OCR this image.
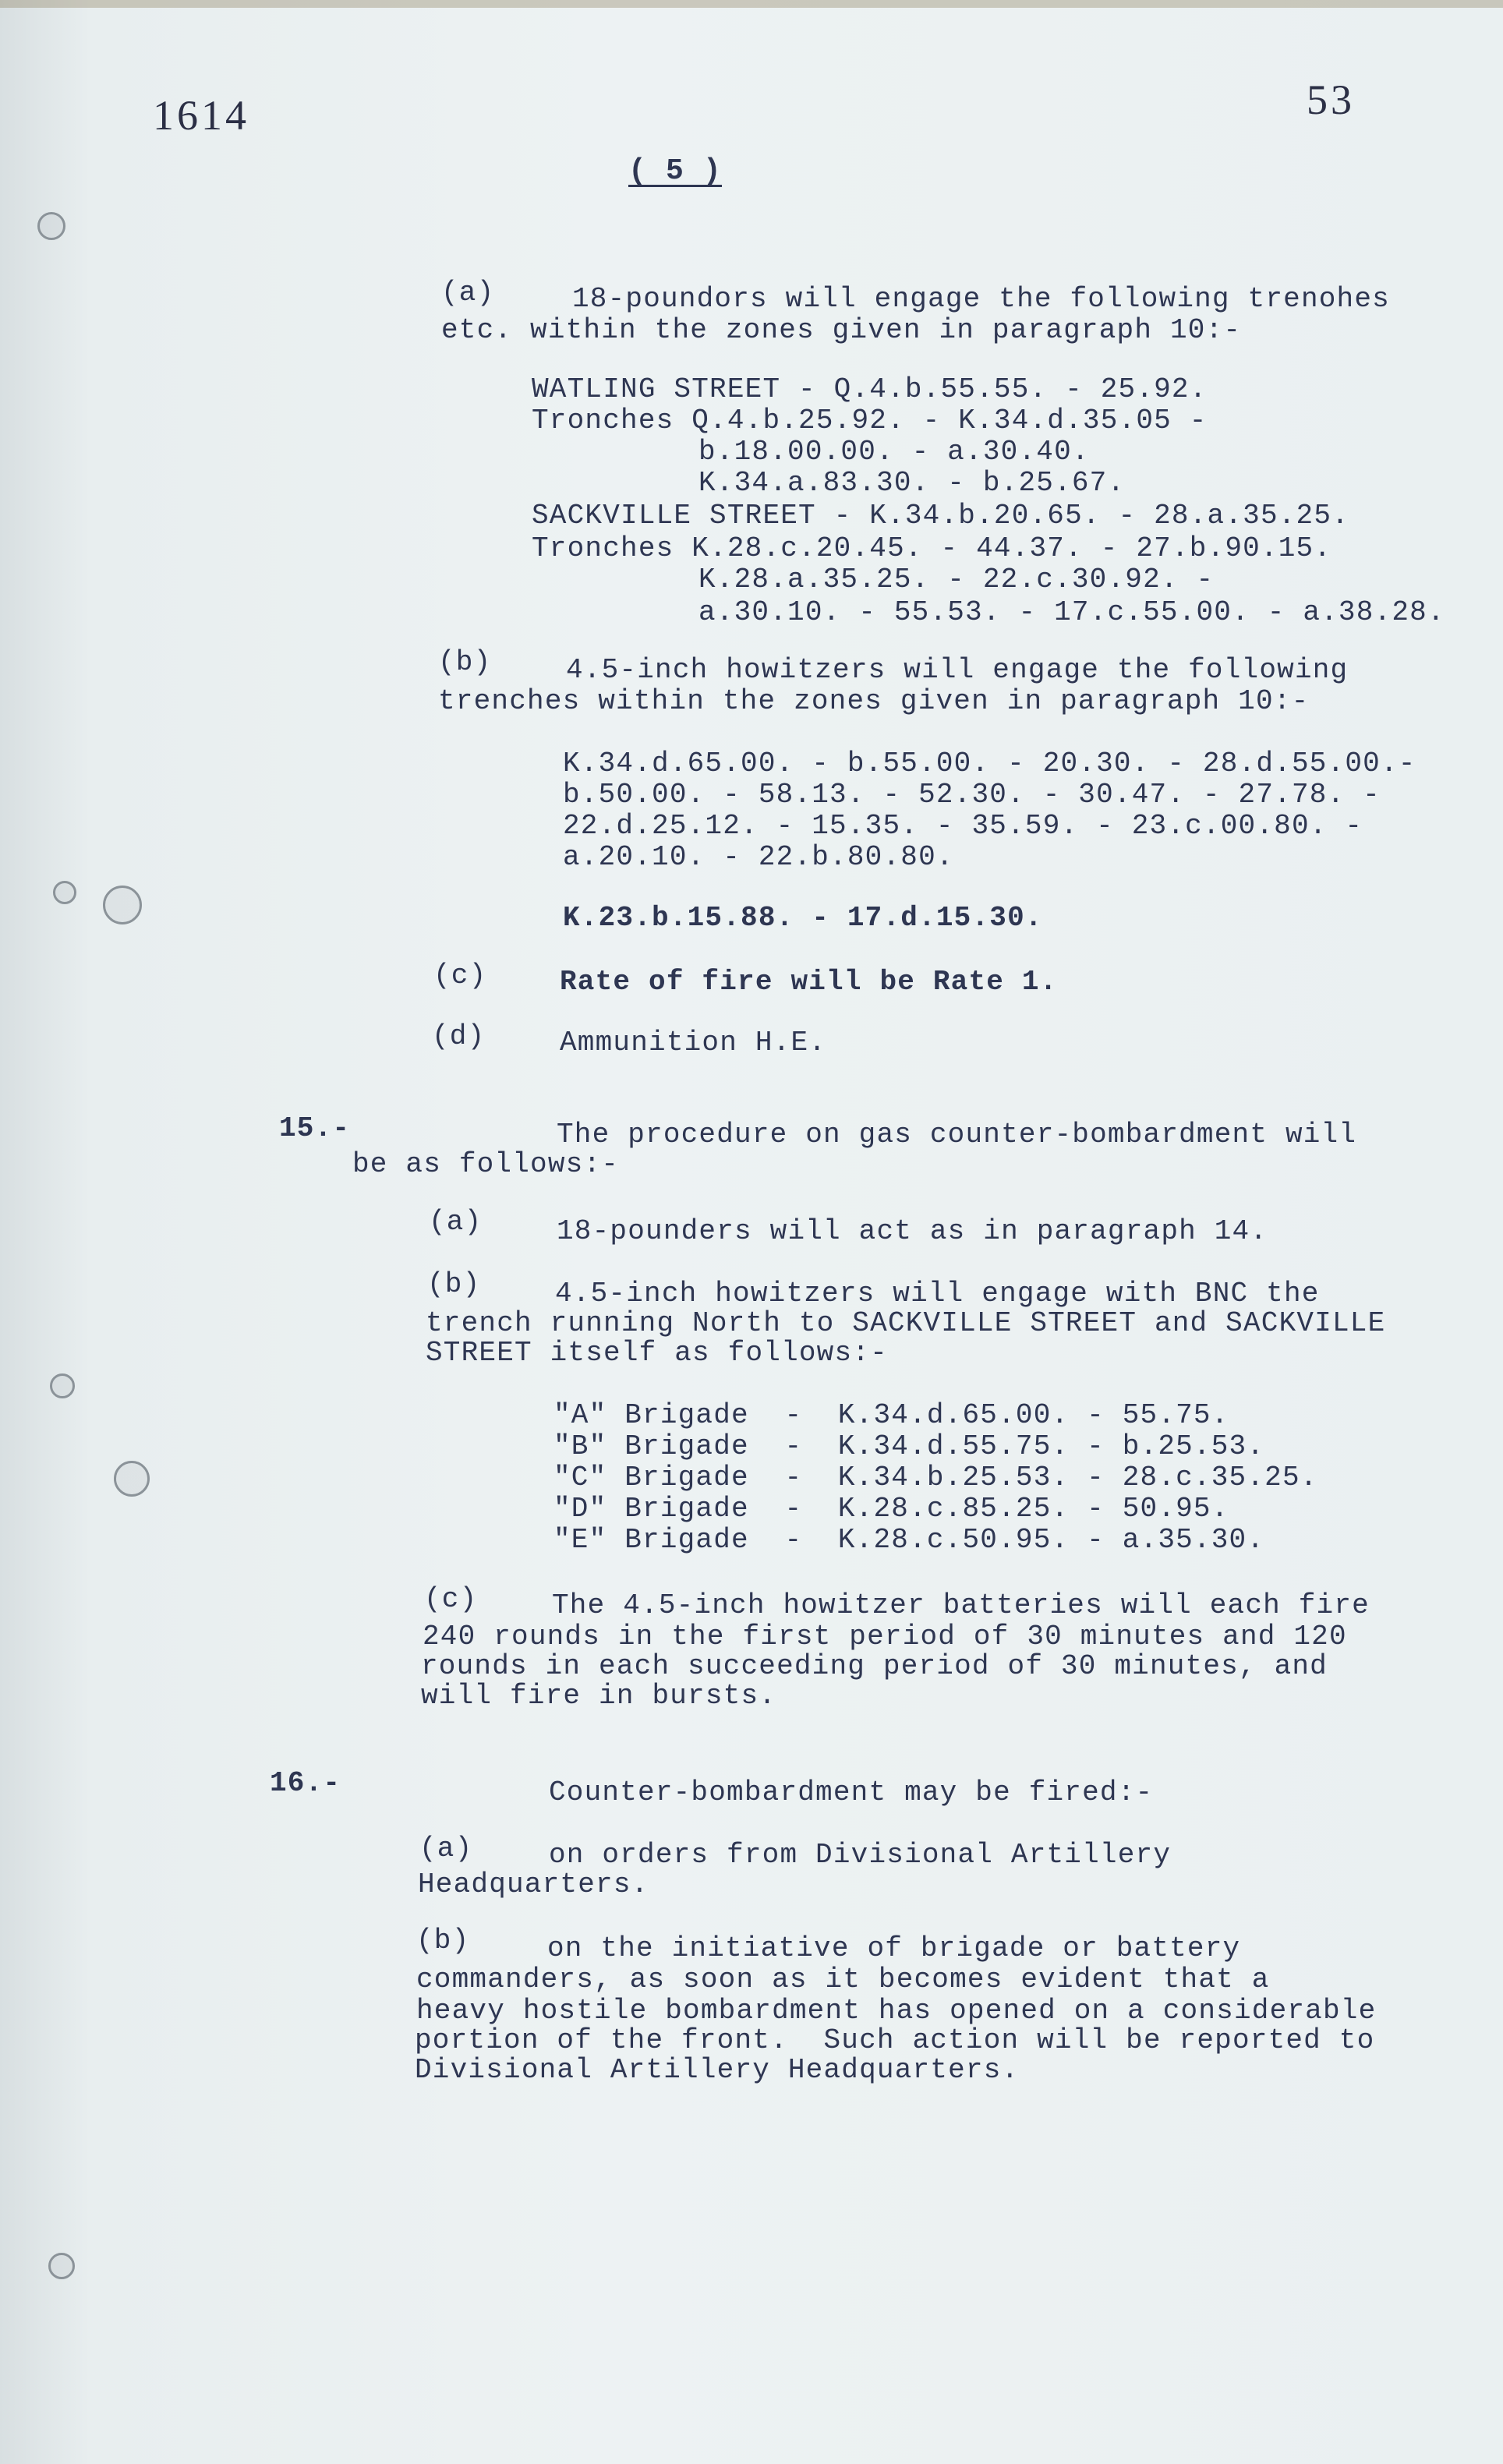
1614	53
( 5 )
(a)	18-poundors will engage the following trenohes
etc. within the zones given in paragraph 10:-
WATLING STREET - Q.4.b.55.55. - 25.92.
Tronches Q.4.b.25.92. - K.34.d.35.05 -
b.18.00.00. - a.30.40.
K.34.a.83.30. - b.25.67.
SACKVILLE STREET - K.34.b.20.65. - 28.a.35.25.
Tronches K.28.c.20.45. - 44.37. - 27.b.90.15.
K.28.a.35.25. - 22.c.30.92. -
a.30.10. - 55.53. - 17.c.55.00. - a.38.28.
(b)	4.5-inch howitzers will engage the following
trenches within the zones given in paragraph 10:-
K.34.d.65.00. - b.55.00. - 20.30. - 28.d.55.00.-
b.50.00. - 58.13. - 52.30. - 30.47. - 27.78. -
22.d.25.12. - 15.35. - 35.59. - 23.c.00.80. -
a.20.10. - 22.b.80.80.
K.23.b.15.88. - 17.d.15.30.
(c)	Rate of fire will be Rate 1.
(d)	Ammunition H.E.
15.-	The procedure on gas counter-bombardment will
be as follows:-
(a)	18-pounders will act as in paragraph 14.
(b)	4.5-inch howitzers will engage with BNC the
trench running North to SACKVILLE STREET and SACKVILLE
STREET itself as follows:-
"A" Brigade  -  K.34.d.65.00. - 55.75.
"B" Brigade  -  K.34.d.55.75. - b.25.53.
"C" Brigade  -  K.34.b.25.53. - 28.c.35.25.
"D" Brigade  -  K.28.c.85.25. - 50.95.
"E" Brigade  -  K.28.c.50.95. - a.35.30.
(c)	The 4.5-inch howitzer batteries will each fire
240 rounds in the first period of 30 minutes and 120
rounds in each succeeding period of 30 minutes, and
will fire in bursts.
16.-	Counter-bombardment may be fired:-
(a)	on orders from Divisional Artillery
Headquarters.
(b)	on the initiative of brigade or battery
commanders, as soon as it becomes evident that a
heavy hostile bombardment has opened on a considerable
portion of the front.  Such action will be reported to
Divisional Artillery Headquarters.
